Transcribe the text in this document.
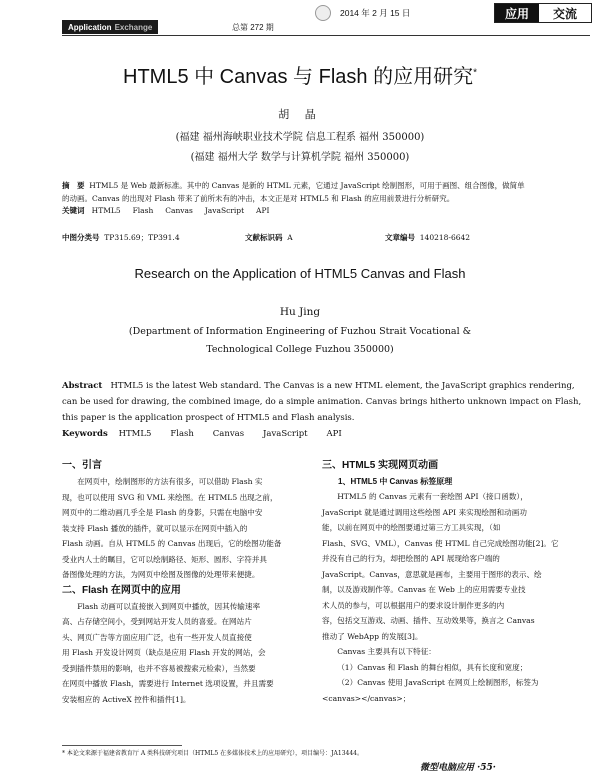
Application Exchange	总第 272 期
2014 年 2 月 15 日	应用	交流
HTML5 中 Canvas 与 Flash 的应用研究*
胡 晶
(福建 福州海峡职业技术学院 信息工程系 福州 350000)
(福建 福州大学 数学与计算机学院 福州 350000)
摘　要 HTML5 是 Web 最新标准。其中的 Canvas 是新的 HTML 元素，它通过 JavaScript 绘制图形，可用于画图、组合图像，做简单
的动画。Canvas 的出现对 Flash 带来了前所未有的冲击，本文正是对 HTML5 和 Flash 的应用前景进行分析研究。
关键词 HTML5 Flash Canvas JavaScript API
中图分类号 TP315.69；TP391.4	文献标识码 A	文章编号 140218-6642
Research on the Application of HTML5 Canvas and Flash
Hu Jing
(Department of Information Engineering of Fuzhou Strait Vocational &
Technological College Fuzhou 350000)
Abstract HTML5 is the latest Web standard. The Canvas is a new HTML element, the JavaScript graphics rendering,
can be used for drawing, the combined image, do a simple animation. Canvas brings hitherto unknown impact on Flash,
this paper is the application prospect of HTML5 and Flash analysis.
Keywords HTML5 Flash Canvas JavaScript API
一、引言

在网页中，绘制图形的方法有很多，可以借助 Flash 实

现，也可以使用 SVG 和 VML 来绘图。在 HTML5 出现之前，
网页中的二维动画几乎全是 Flash 的身影，只需在电脑中安
装支持 Flash 播放的插件，就可以显示在网页中插入的
Flash 动画。自从 HTML5 的 Canvas 出现后，它的绘图功能备
受业内人士的瞩目，它可以绘制路径、矩形、圆形、字符并具
备图像处理的方法，为网页中绘图及图像的处理带来便捷。
二、Flash 在网页中的应用

Flash 动画可以直接嵌入到网页中播放，因其传输速率

高、占存储空间小，受到网站开发人员的喜爱。在网站片
头、网页广告等方面应用广泛，也有一些开发人员直接使
用 Flash 开发设计网页（缺点是应用 Flash 开发的网站，会
受到插件禁用的影响，也并不容易被搜索元检索），当然要
在网页中播放 Flash，需要进行 Internet 选项设置，并且需要
安装相应的 ActiveX 控件和插件[1]。
三、HTML5 实现网页动画
1、HTML5 中 Canvas 标签原理

HTML5 的 Canvas 元素有一套绘图 API（接口函数），

JavaScript 就是通过调用这些绘图 API 来实现绘图和动画功
能，以前在网页中的绘图要通过第三方工具实现，（如
Flash、SVG、VML），Canvas 使 HTML 自己完成绘图功能[2]。它
并没有自己的行为，却把绘图的 API 展现给客户端的
JavaScript。Canvas，意思就是画布，主要用于图形的表示、绘
制，以及游戏制作等。Canvas 在 Web 上的应用需要专业技
术人员的参与，可以根据用户的要求设计制作更多的内
容，包括交互游戏、动画、插件、互动效果等，换言之 Canvas
推动了 WebApp 的发展[3]。

Canvas 主要具有以下特征：

（1）Canvas 和 Flash 的舞台相似，具有长度和宽度；

（2）Canvas 使用 JavaScript 在网页上绘制图形，标签为

<canvas></canvas>；
* 本论文来源于福建省教育厅 A 类科技研究项目（HTML5 在多媒体技术上的应用研究），项目编号：JA13444。
微型电脑应用 ·55·
